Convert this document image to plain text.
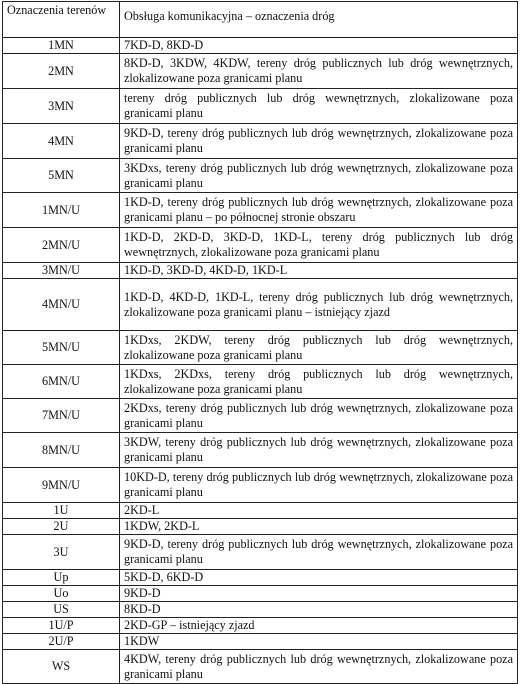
Oznaczenia terenów	Obsługa komunikacyjna – oznaczenia dróg
1MN	7KD-D, 8KD-D
2MN	8KD-D, 3KDW, 4KDW, tereny dróg publicznych lub dróg wewnętrznych, zlokalizowane poza granicami planu
3MN	tereny dróg publicznych lub dróg wewnętrznych, zlokalizowane poza granicami planu
4MN	9KD-D, tereny dróg publicznych lub dróg wewnętrznych, zlokalizowane poza granicami planu
5MN	3KDxs, tereny dróg publicznych lub dróg wewnętrznych, zlokalizowane poza granicami planu
1MN/U	1KD-D, tereny dróg publicznych lub dróg wewnętrznych, zlokalizowane poza granicami planu – po północnej stronie obszaru
2MN/U	1KD-D, 2KD-D, 3KD-D, 1KD-L, tereny dróg publicznych lub dróg wewnętrznych, zlokalizowane poza granicami planu
3MN/U	1KD-D, 3KD-D, 4KD-D, 1KD-L
4MN/U	1KD-D, 4KD-D, 1KD-L, tereny dróg publicznych lub dróg wewnętrznych, zlokalizowane poza granicami planu – istniejący zjazd
5MN/U	1KDxs, 2KDW, tereny dróg publicznych lub dróg wewnętrznych, zlokalizowane poza granicami planu
6MN/U	1KDxs, 2KDxs, tereny dróg publicznych lub dróg wewnętrznych, zlokalizowane poza granicami planu
7MN/U	2KDxs, tereny dróg publicznych lub dróg wewnętrznych, zlokalizowane poza granicami planu
8MN/U	3KDW, tereny dróg publicznych lub dróg wewnętrznych, zlokalizowane poza granicami planu
9MN/U	10KD-D, tereny dróg publicznych lub dróg wewnętrznych, zlokalizowane poza granicami planu
1U	2KD-L
2U	1KDW, 2KD-L
3U	9KD-D, tereny dróg publicznych lub dróg wewnętrznych, zlokalizowane poza granicami planu
Up	5KD-D, 6KD-D
Uo	9KD-D
US	8KD-D
1U/P	2KD-GP – istniejący zjazd
2U/P	1KDW
WS	4KDW, tereny dróg publicznych lub dróg wewnętrznych, zlokalizowane poza granicami planu
